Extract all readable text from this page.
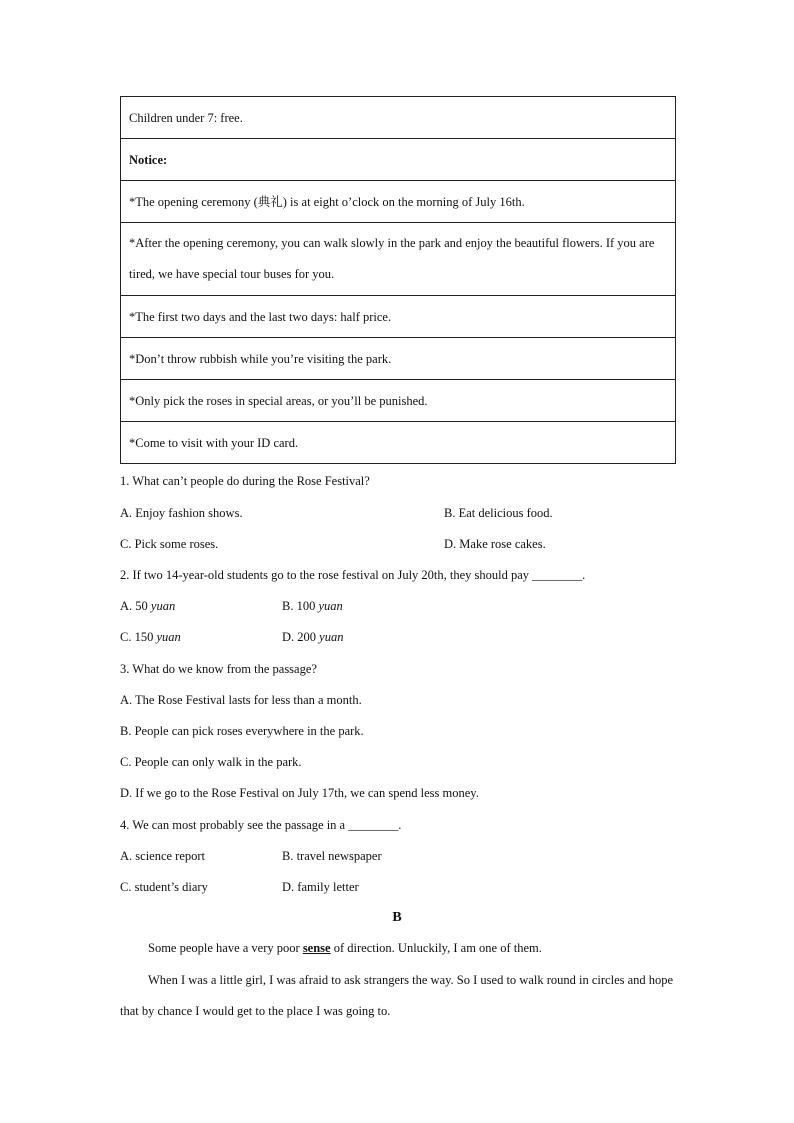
Children under 7: free.
Notice:
*The opening ceremony (典礼) is at eight o’clock on the morning of July 16th.
*After the opening ceremony, you can walk slowly in the park and enjoy the beautiful flowers. If you are tired, we have special tour buses for you.
*The first two days and the last two days: half price.
*Don’t throw rubbish while you’re visiting the park.
*Only pick the roses in special areas, or you’ll be punished.
*Come to visit with your ID card.
1. What can’t people do during the Rose Festival?
A. Enjoy fashion shows.	B. Eat delicious food.
C. Pick some roses.	D. Make rose cakes.
2. If two 14-year-old students go to the rose festival on July 20th, they should pay ________.
A. 50 yuan	B. 100 yuan
C. 150 yuan	D. 200 yuan
3. What do we know from the passage?
A. The Rose Festival lasts for less than a month.
B. People can pick roses everywhere in the park.
C. People can only walk in the park.
D. If we go to the Rose Festival on July 17th, we can spend less money.
4. We can most probably see the passage in a ________.
A. science report	B. travel newspaper
C. student’s diary	D. family letter
B
Some people have a very poor sense of direction. Unluckily, I am one of them.
When I was a little girl, I was afraid to ask strangers the way. So I used to walk round in circles and hope that by chance I would get to the place I was going to.
